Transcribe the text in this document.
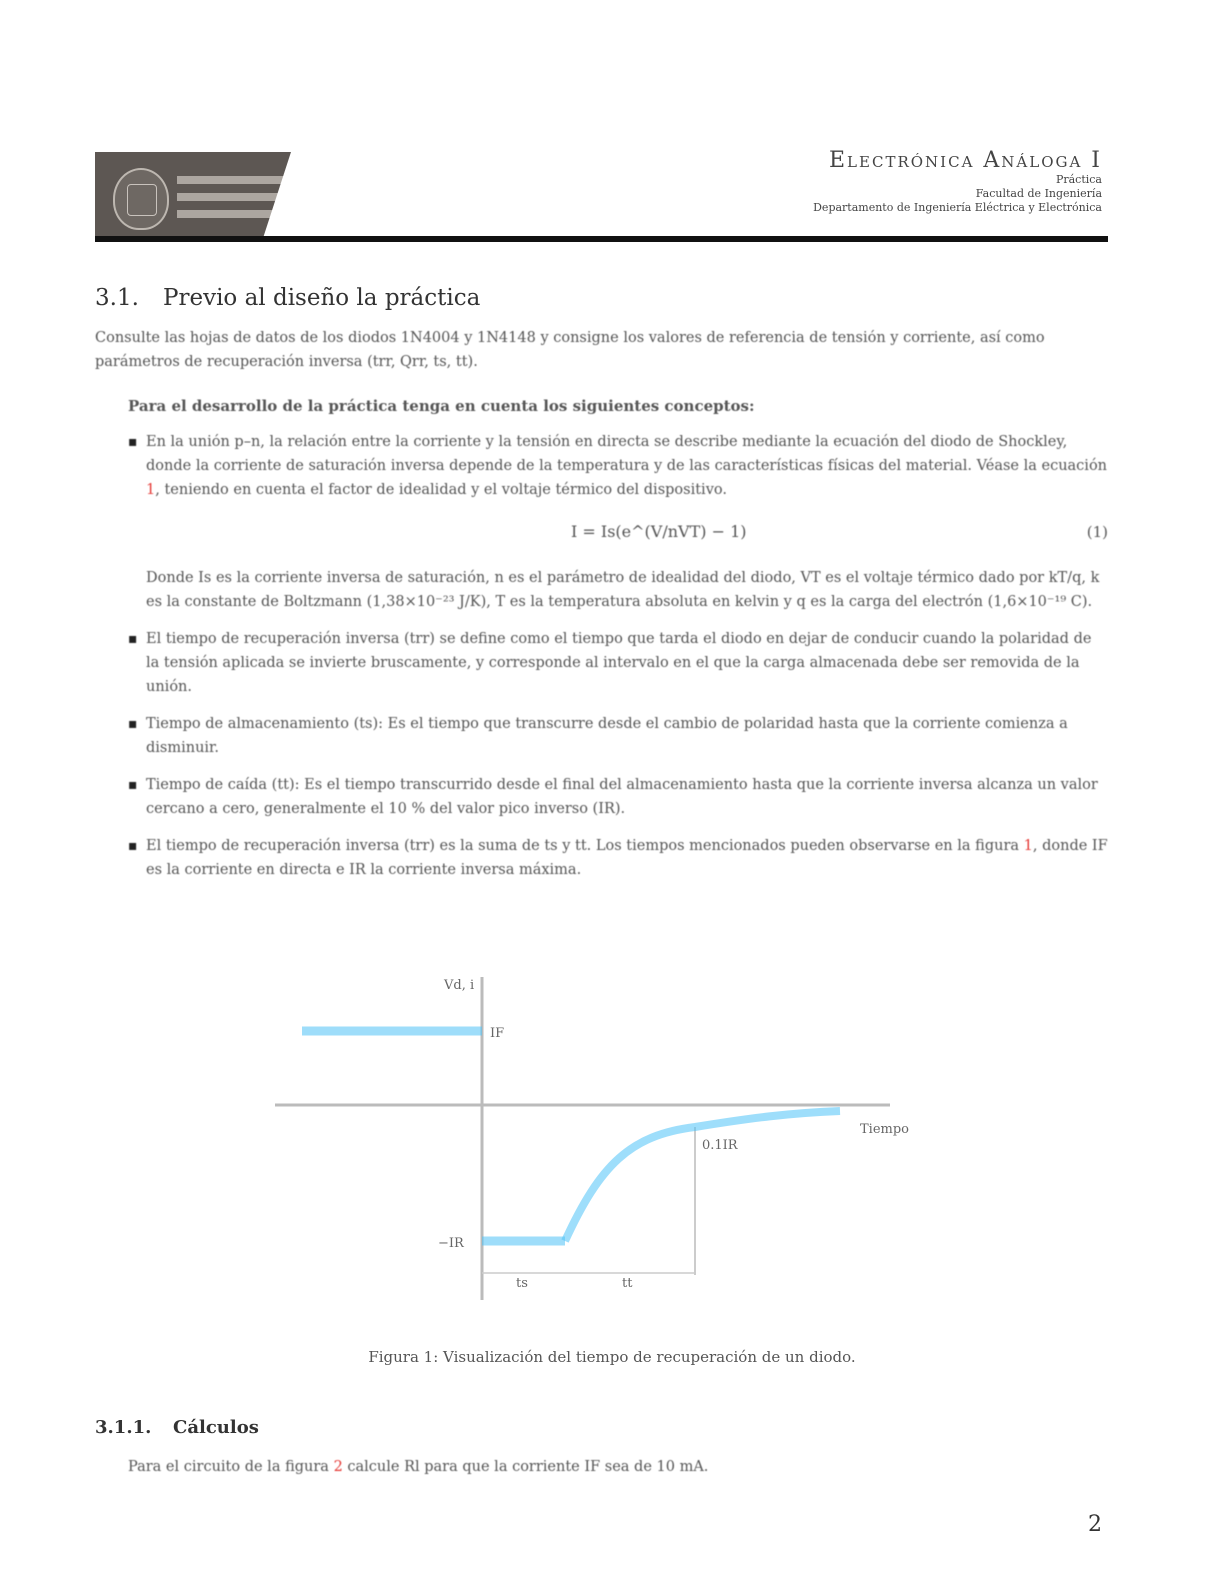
Electrónica Análoga I
Práctica
Facultad de Ingeniería
Departamento de Ingeniería Eléctrica y Electrónica
3.1. Previo al diseño la práctica

Consulte las hojas de datos de los diodos 1N4004 y 1N4148 y consigne los valores de referencia de tensión y corriente, así como parámetros de recuperación inversa (trr, Qrr, ts, tt).

Para el desarrollo de la práctica tenga en cuenta los siguientes conceptos:

▪ En la unión p–n, la relación entre la corriente y la tensión en directa se describe mediante la ecuación del diodo de Shockley, donde la corriente de saturación inversa depende de la temperatura y de las características físicas del material. Véase la ecuación 1, teniendo en cuenta el factor de idealidad y el voltaje térmico del dispositivo.
I = Is(e^(V/nVT) − 1)	(1)

Donde Is es la corriente inversa de saturación, n es el parámetro de idealidad del diodo, VT es el voltaje térmico dado por kT/q, k es la constante de Boltzmann (1,38×10⁻²³ J/K), T es la temperatura absoluta en kelvin y q es la carga del electrón (1,6×10⁻¹⁹ C).

▪ El tiempo de recuperación inversa (trr) se define como el tiempo que tarda el diodo en dejar de conducir cuando la polaridad de la tensión aplicada se invierte bruscamente, y corresponde al intervalo en el que la carga almacenada debe ser removida de la unión.
▪ Tiempo de almacenamiento (ts): Es el tiempo que transcurre desde el cambio de polaridad hasta que la corriente comienza a disminuir.
▪ Tiempo de caída (tt): Es el tiempo transcurrido desde el final del almacenamiento hasta que la corriente inversa alcanza un valor cercano a cero, generalmente el 10 % del valor pico inverso (IR).
▪ El tiempo de recuperación inversa (trr) es la suma de ts y tt. Los tiempos mencionados pueden observarse en la figura 1, donde IF es la corriente en directa e IR la corriente inversa máxima.
Vd, i
Tiempo
IF
−IR
0.1IR
ts	tt

Figura 1: Visualización del tiempo de recuperación de un diodo.

3.1.1. Cálculos

Para el circuito de la figura 2 calcule Rl para que la corriente IF sea de 10 mA.

2
